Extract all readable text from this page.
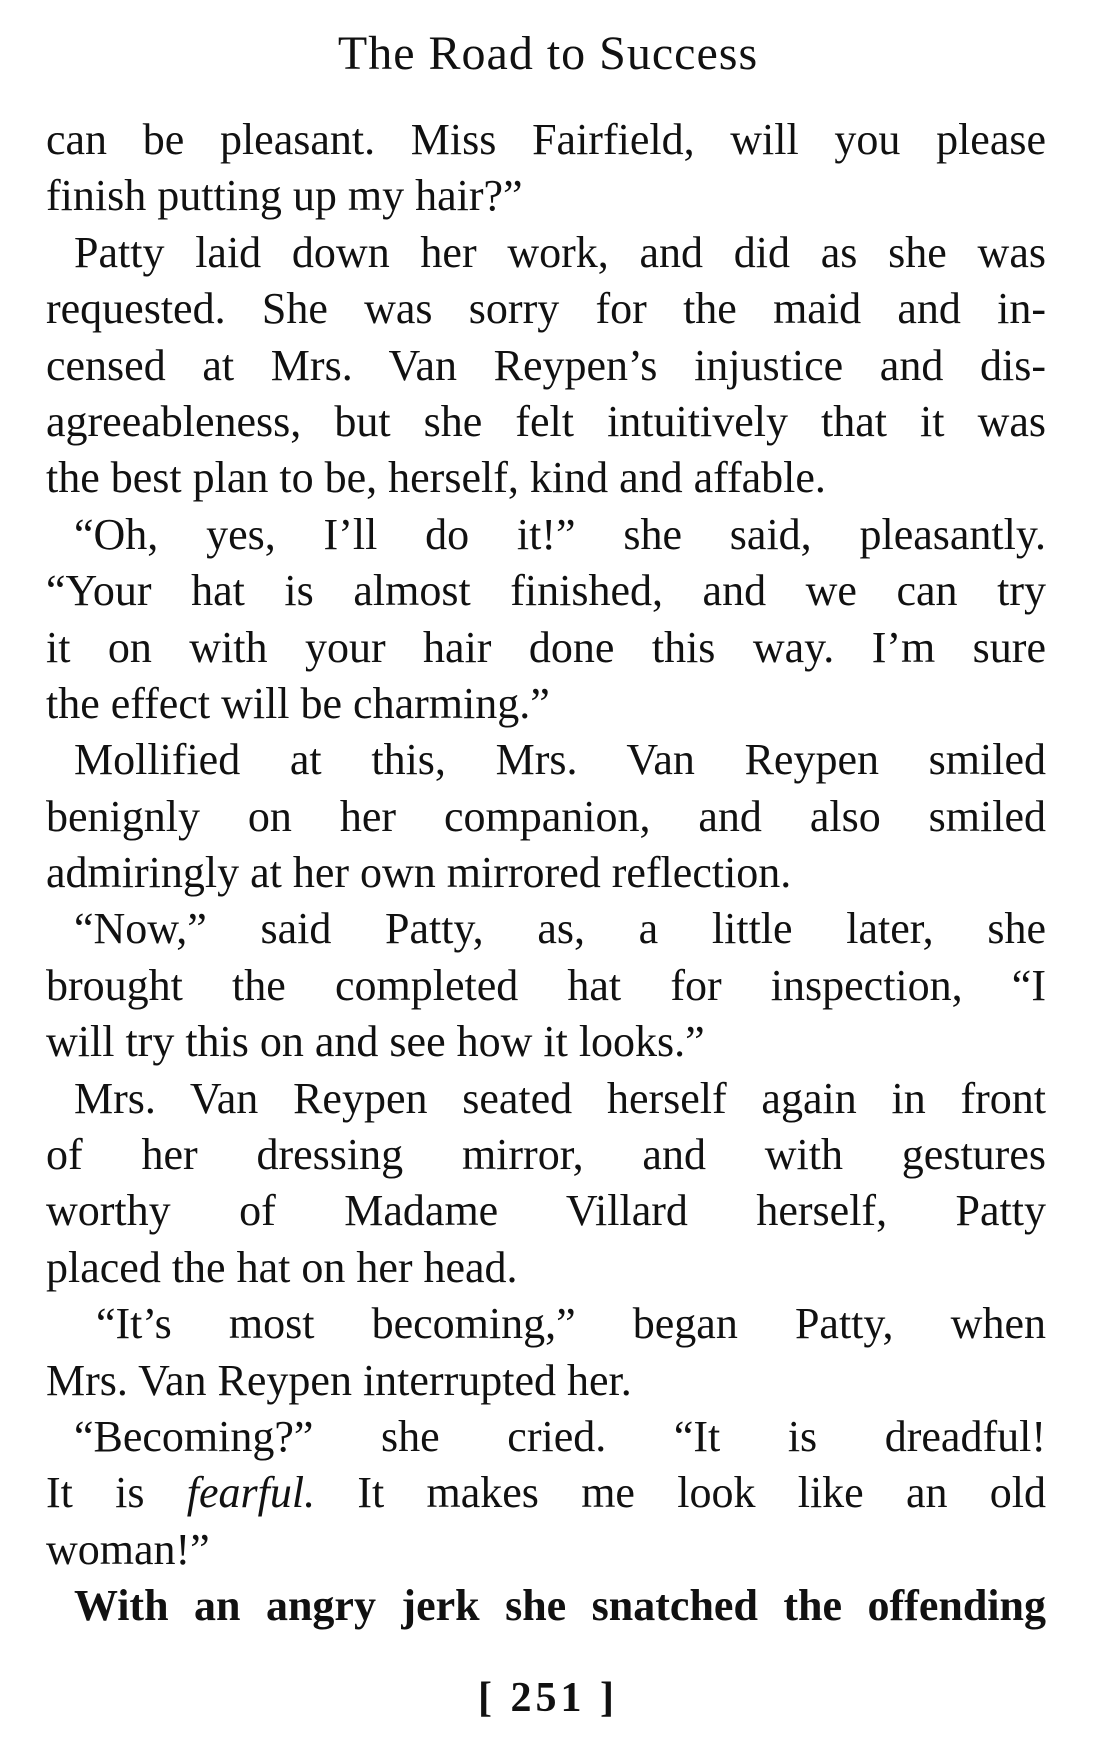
The Road to Success
can be pleasant. Miss Fairfield, will you please
finish putting up my hair?”
Patty laid down her work, and did as she was
requested. She was sorry for the maid and in-
censed at Mrs. Van Reypen’s injustice and dis-
agreeableness, but she felt intuitively that it was
the best plan to be, herself, kind and affable.
“Oh, yes, I’ll do it!” she said, pleasantly.
“Your hat is almost finished, and we can try
it on with your hair done this way. I’m sure
the effect will be charming.”
Mollified at this, Mrs. Van Reypen smiled
benignly on her companion, and also smiled
admiringly at her own mirrored reflection.
“Now,” said Patty, as, a little later, she
brought the completed hat for inspection, “I
will try this on and see how it looks.”
Mrs. Van Reypen seated herself again in front
of her dressing mirror, and with gestures
worthy of Madame Villard herself, Patty
placed the hat on her head.
“It’s most becoming,” began Patty, when
Mrs. Van Reypen interrupted her.
“Becoming?” she cried. “It is dreadful!
It is fearful. It makes me look like an old
woman!”
With an angry jerk she snatched the offending
[ 251 ]
